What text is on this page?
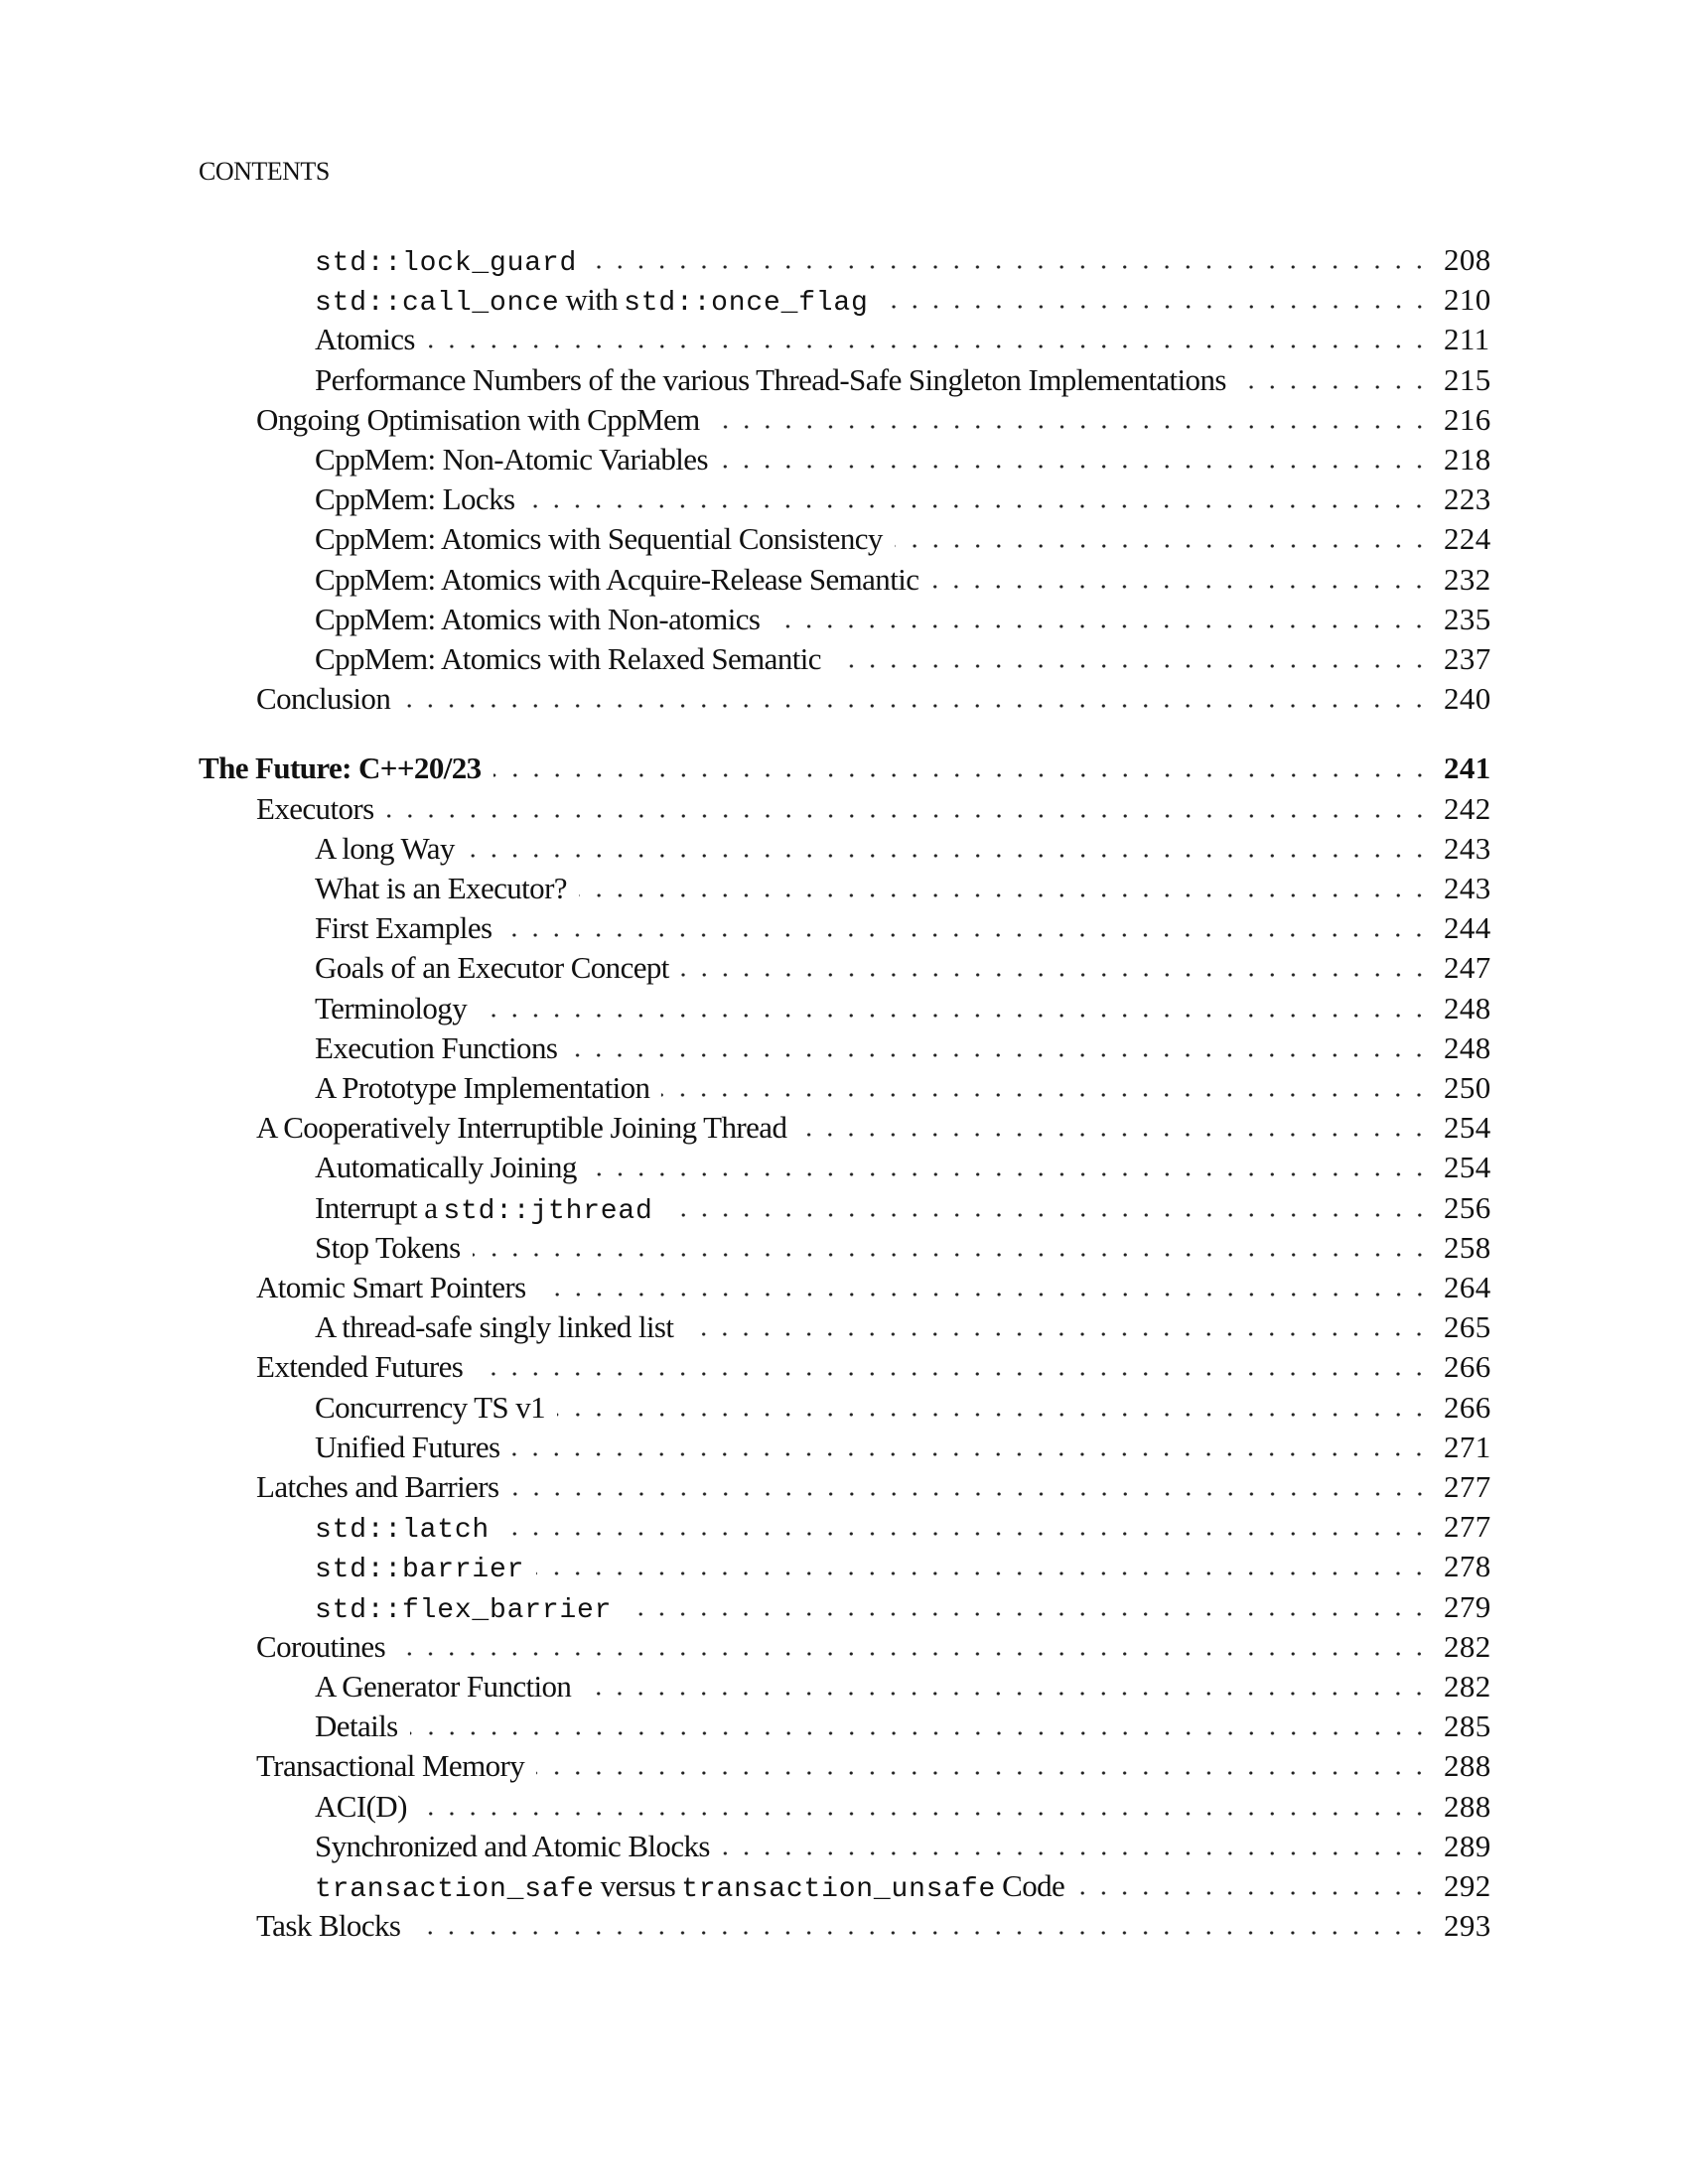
CONTENTS
std::lock_guard	208
std::call_once with std::once_flag	210
Atomics	211
Performance Numbers of the various Thread-Safe Singleton Implementations	215
Ongoing Optimisation with CppMem	216
CppMem: Non-Atomic Variables	218
CppMem: Locks	223
CppMem: Atomics with Sequential Consistency	224
CppMem: Atomics with Acquire-Release Semantic	232
CppMem: Atomics with Non-atomics	235
CppMem: Atomics with Relaxed Semantic	237
Conclusion	240
The Future: C++20/23	241
Executors	242
A long Way	243
What is an Executor?	243
First Examples	244
Goals of an Executor Concept	247
Terminology	248
Execution Functions	248
A Prototype Implementation	250
A Cooperatively Interruptible Joining Thread	254
Automatically Joining	254
Interrupt a std::jthread	256
Stop Tokens	258
Atomic Smart Pointers	264
A thread-safe singly linked list	265
Extended Futures	266
Concurrency TS v1	266
Unified Futures	271
Latches and Barriers	277
std::latch	277
std::barrier	278
std::flex_barrier	279
Coroutines	282
A Generator Function	282
Details	285
Transactional Memory	288
ACI(D)	288
Synchronized and Atomic Blocks	289
transaction_safe versus transaction_unsafe Code	292
Task Blocks	293
